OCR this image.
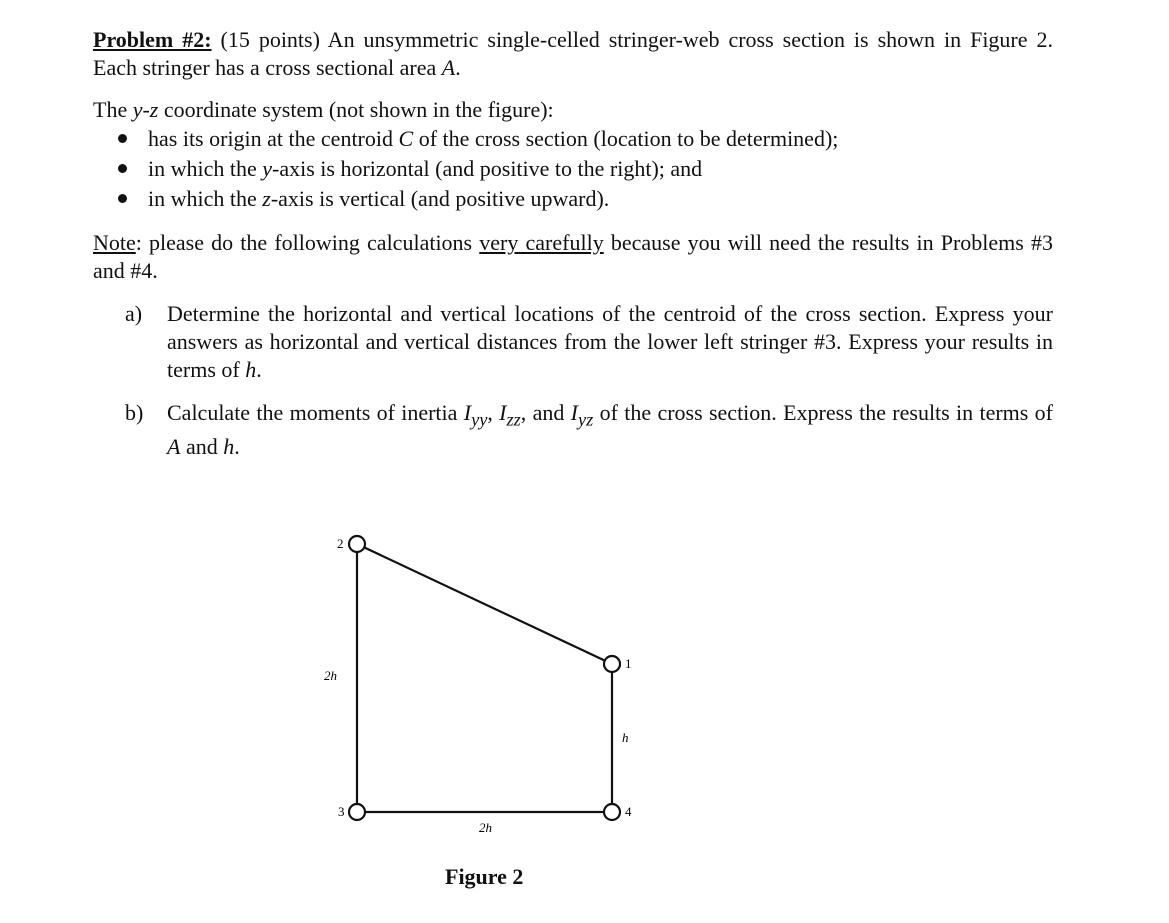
Problem #2: (15 points) An unsymmetric single-celled stringer-web cross section is shown in Figure 2. Each stringer has a cross sectional area A.
The y-z coordinate system (not shown in the figure):
has its origin at the centroid C of the cross section (location to be determined);
in which the y-axis is horizontal (and positive to the right); and
in which the z-axis is vertical (and positive upward).
Note: please do the following calculations very carefully because you will need the results in Problems #3 and #4.
a) Determine the horizontal and vertical locations of the centroid of the cross section. Express your answers as horizontal and vertical distances from the lower left stringer #3. Express your results in terms of h.
b) Calculate the moments of inertia $I_{yy}$, $I_{zz}$, and $I_{yz}$ of the cross section. Express the results in terms of A and h.
2
1
3	4
2h
h
2h
Figure 2
